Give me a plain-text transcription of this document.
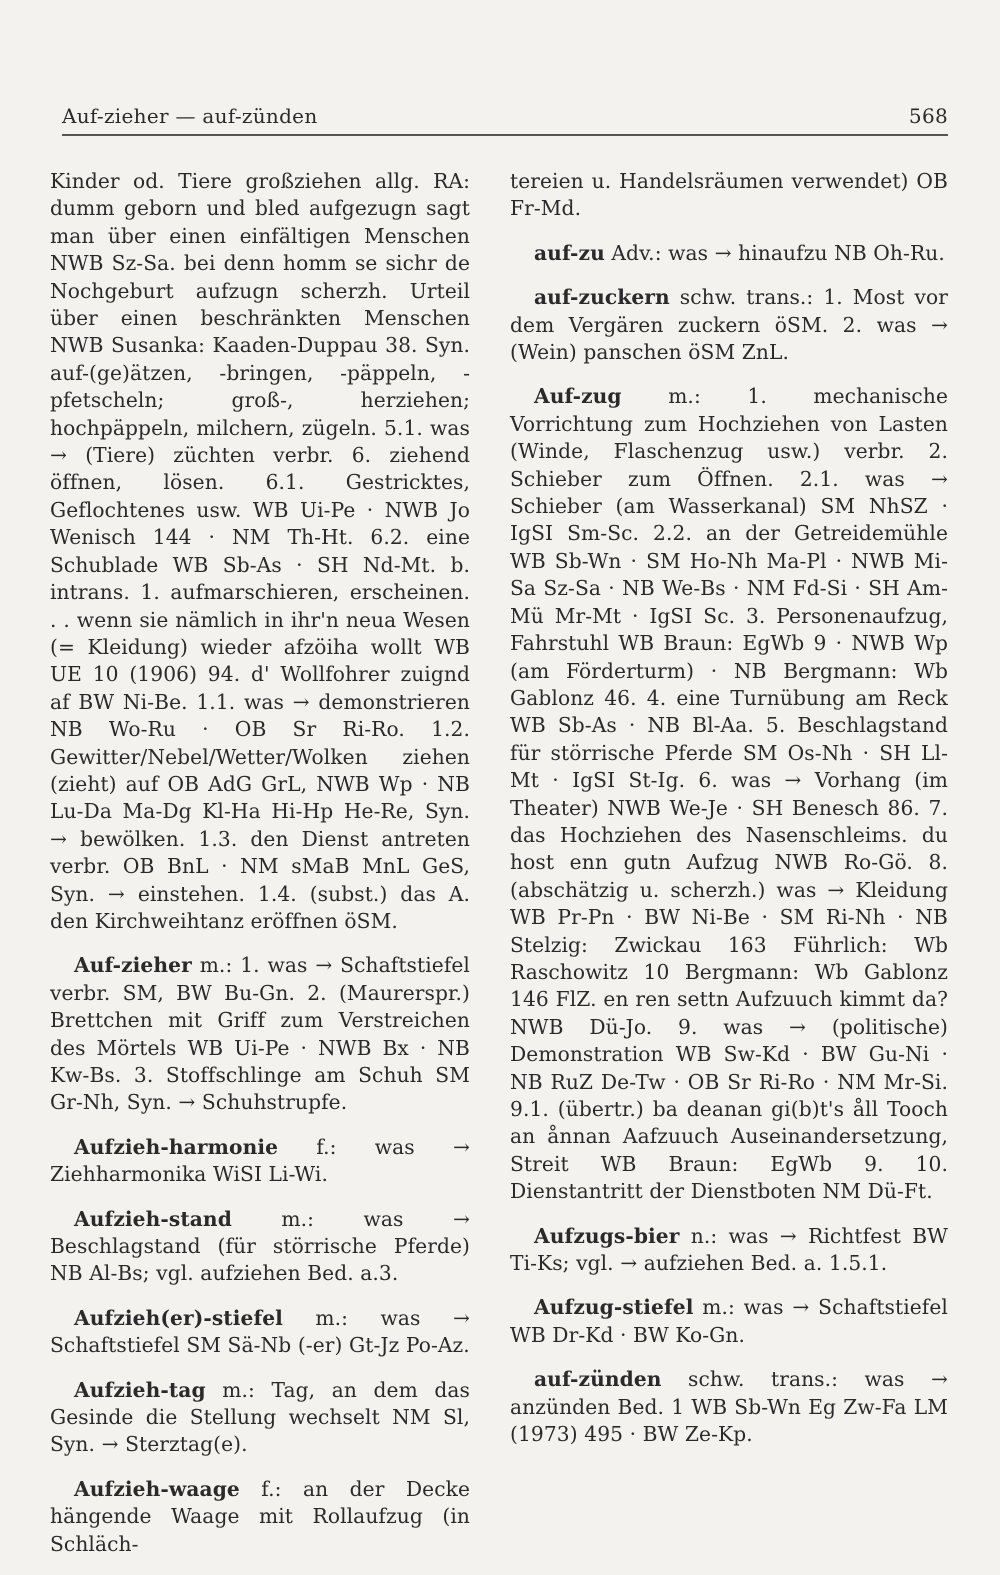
Auf-zieher — auf-zünden	568

Kinder od. Tiere großziehen allg. RA: dumm geborn und bled aufgezugn sagt man über einen einfältigen Menschen NWB Sz-Sa. bei denn homm se sichr de Nochgeburt aufzugn scherzh. Urteil über einen beschränkten Menschen NWB Susanka: Kaaden-Duppau 38. Syn. auf-(ge)ätzen, -bringen, -päppeln, -pfetscheln; groß-, herziehen; hochpäppeln, milchern, zügeln. 5.1. was → (Tiere) züchten verbr. 6. ziehend öffnen, lösen. 6.1. Gestricktes, Geflochtenes usw. WB Ui-Pe · NWB Jo Wenisch 144 · NM Th-Ht. 6.2. eine Schublade WB Sb-As · SH Nd-Mt. b. intrans. 1. aufmarschieren, erscheinen. . . wenn sie nämlich in ihr'n neua Wesen (= Kleidung) wieder afzöiha wollt WB UE 10 (1906) 94. d' Wollfohrer zuignd af BW Ni-Be. 1.1. was → demonstrieren NB Wo-Ru · OB Sr Ri-Ro. 1.2. Gewitter/Nebel/Wetter/Wolken ziehen (zieht) auf OB AdG GrL, NWB Wp · NB Lu-Da Ma-Dg Kl-Ha Hi-Hp He-Re, Syn. → bewölken. 1.3. den Dienst antreten verbr. OB BnL · NM sMaB MnL GeS, Syn. → einstehen. 1.4. (subst.) das A. den Kirchweihtanz eröffnen öSM.

Auf-zieher m.: 1. was → Schaftstiefel verbr. SM, BW Bu-Gn. 2. (Maurerspr.) Brettchen mit Griff zum Verstreichen des Mörtels WB Ui-Pe · NWB Bx · NB Kw-Bs. 3. Stoffschlinge am Schuh SM Gr-Nh, Syn. → Schuhstrupfe.

Aufzieh-harmonie f.: was → Ziehharmonika WiSI Li-Wi.

Aufzieh-stand m.: was → Beschlagstand (für störrische Pferde) NB Al-Bs; vgl. aufziehen Bed. a.3.

Aufzieh(er)-stiefel m.: was → Schaftstiefel SM Sä-Nb (-er) Gt-Jz Po-Az.

Aufzieh-tag m.: Tag, an dem das Gesinde die Stellung wechselt NM Sl, Syn. → Sterztag(e).

Aufzieh-waage f.: an der Decke hängende Waage mit Rollaufzug (in Schläch-

tereien u. Handelsräumen verwendet) OB Fr-Md.

auf-zu Adv.: was → hinaufzu NB Oh-Ru.

auf-zuckern schw. trans.: 1. Most vor dem Vergären zuckern öSM. 2. was → (Wein) panschen öSM ZnL.

Auf-zug m.: 1. mechanische Vorrichtung zum Hochziehen von Lasten (Winde, Flaschenzug usw.) verbr. 2. Schieber zum Öffnen. 2.1. was → Schieber (am Wasserkanal) SM NhSZ · IgSI Sm-Sc. 2.2. an der Getreidemühle WB Sb-Wn · SM Ho-Nh Ma-Pl · NWB Mi-Sa Sz-Sa · NB We-Bs · NM Fd-Si · SH Am-Mü Mr-Mt · IgSI Sc. 3. Personenaufzug, Fahrstuhl WB Braun: EgWb 9 · NWB Wp (am Förderturm) · NB Bergmann: Wb Gablonz 46. 4. eine Turnübung am Reck WB Sb-As · NB Bl-Aa. 5. Beschlagstand für störrische Pferde SM Os-Nh · SH Ll-Mt · IgSI St-Ig. 6. was → Vorhang (im Theater) NWB We-Je · SH Benesch 86. 7. das Hochziehen des Nasenschleims. du host enn gutn Aufzug NWB Ro-Gö. 8. (abschätzig u. scherzh.) was → Kleidung WB Pr-Pn · BW Ni-Be · SM Ri-Nh · NB Stelzig: Zwickau 163 Führlich: Wb Raschowitz 10 Bergmann: Wb Gablonz 146 FlZ. en ren settn Aufzuuch kimmt da? NWB Dü-Jo. 9. was → (politische) Demonstration WB Sw-Kd · BW Gu-Ni · NB RuZ De-Tw · OB Sr Ri-Ro · NM Mr-Si. 9.1. (übertr.) ba deanan gi(b)t's åll Tooch an ånnan Aafzuuch Auseinandersetzung, Streit WB Braun: EgWb 9. 10. Dienstantritt der Dienstboten NM Dü-Ft.

Aufzugs-bier n.: was → Richtfest BW Ti-Ks; vgl. → aufziehen Bed. a. 1.5.1.

Aufzug-stiefel m.: was → Schaftstiefel WB Dr-Kd · BW Ko-Gn.

auf-zünden schw. trans.: was → anzünden Bed. 1 WB Sb-Wn Eg Zw-Fa LM (1973) 495 · BW Ze-Kp.
